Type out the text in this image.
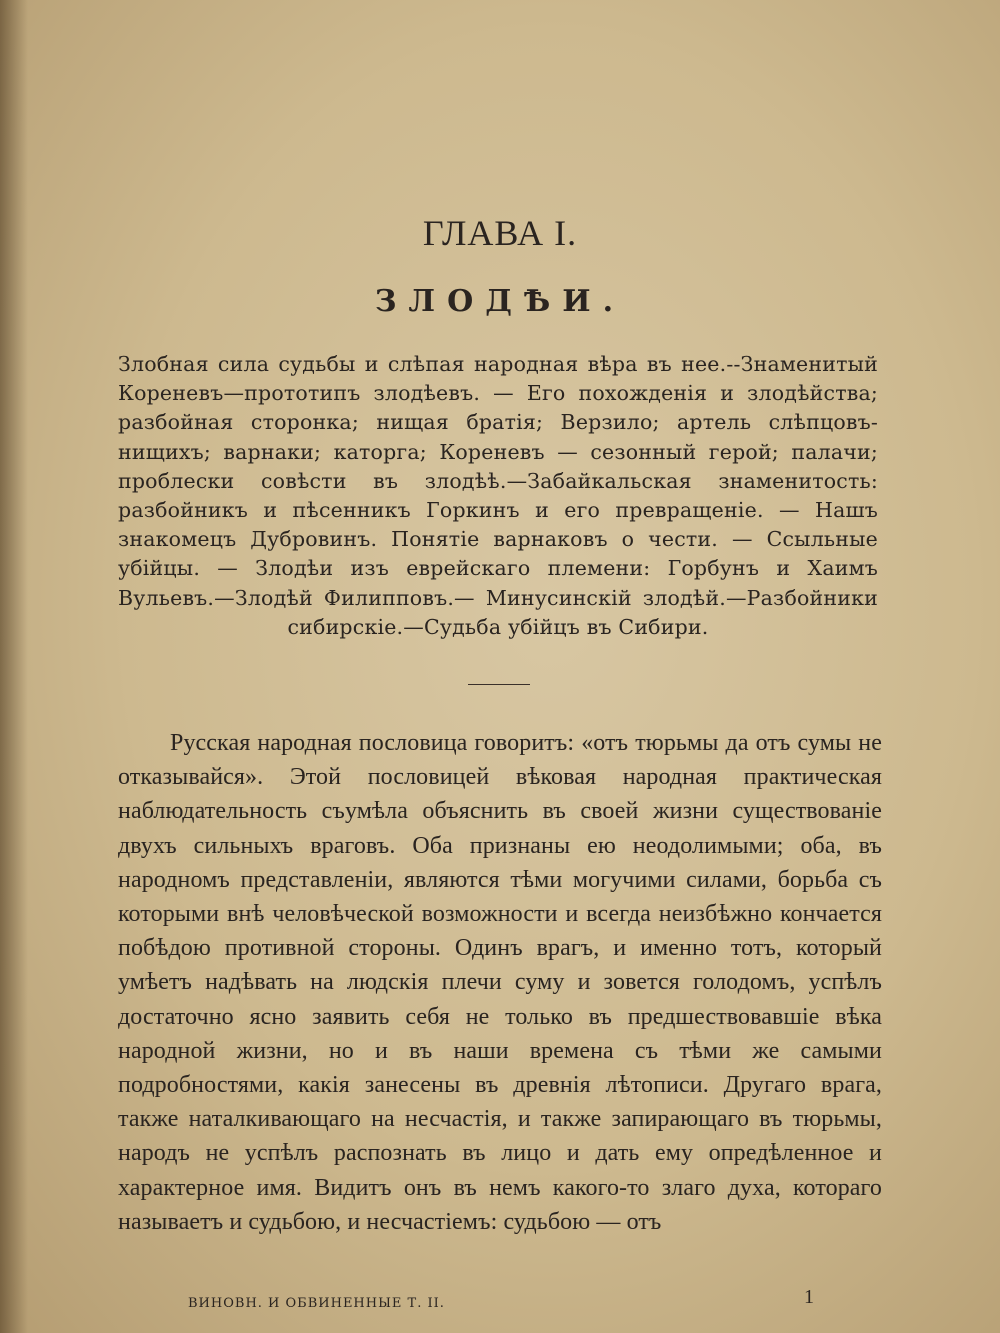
ГЛАВА I.
ЗЛОДѢИ.

Злобная сила судьбы и слѣпая народная вѣра въ нее.--Знаменитый Кореневъ—прототипъ злодѣевъ. — Его похожденія и злодѣйства; разбойная сторонка; нищая братія; Верзило; артель слѣпцовъ-нищихъ; варнаки; каторга; Кореневъ — сезонный герой; палачи; проблески совѣсти въ злодѣѣ.—Забайкальская знаменитость: разбойникъ и пѣсенникъ Горкинъ и его превращеніе. — Нашъ знакомецъ Дубровинъ. Понятіе варнаковъ о чести. — Ссыльные убійцы. — Злодѣи изъ еврейскаго племени: Горбунъ и Хаимъ Вульевъ.—Злодѣй Филипповъ.— Минусинскій злодѣй.—Разбойники сибирскіе.—Судьба убійцъ въ Сибири.

Русская народная пословица говоритъ: «отъ тюрьмы да отъ сумы не отказывайся». Этой пословицей вѣковая народная практическая наблюдательность съумѣла объяснить въ своей жизни существованіе двухъ сильныхъ враговъ. Оба признаны ею неодолимыми; оба, въ народномъ представленіи, являются тѣми могучими силами, борьба съ которыми внѣ человѣческой возможности и всегда неизбѣжно кончается побѣдою противной стороны. Одинъ врагъ, и именно тотъ, который умѣетъ надѣвать на людскія плечи суму и зовется голодомъ, успѣлъ достаточно ясно заявить себя не только въ предшествовавшіе вѣка народной жизни, но и въ наши времена съ тѣми же самыми подробностями, какія занесены въ древнія лѣтописи. Другаго врага, также наталкивающаго на несчастія, и также запирающаго въ тюрьмы, народъ не успѣлъ распознать въ лицо и дать ему опредѣленное и характерное имя. Видитъ онъ въ немъ какого-то злаго духа, котораго называетъ и судьбою, и несчастіемъ: судьбою — отъ

ВИНОВН. И ОБВИНЕННЫЕ Т. II.	1
